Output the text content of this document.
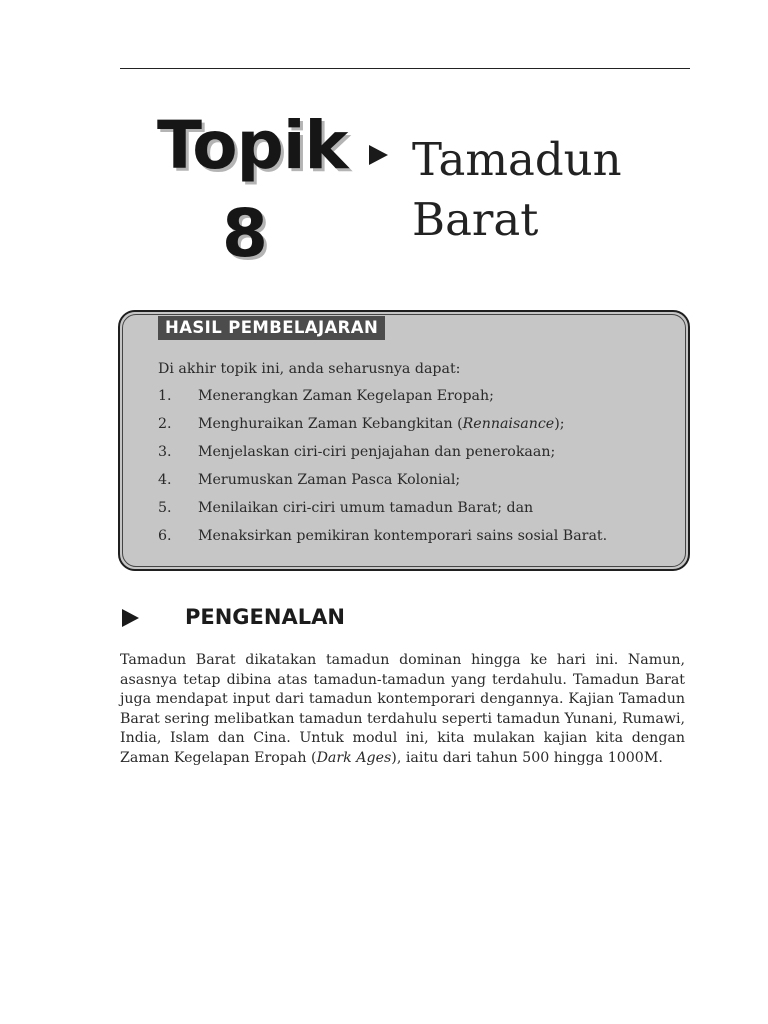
Topik
8
Tamadun
Barat
HASIL PEMBELAJARAN
Di akhir topik ini, anda seharusnya dapat:
1. Menerangkan Zaman Kegelapan Eropah;
2. Menghuraikan Zaman Kebangkitan (Rennaisance);
3. Menjelaskan ciri-ciri penjajahan dan penerokaan;
4. Merumuskan Zaman Pasca Kolonial;
5. Menilaikan ciri-ciri umum tamadun Barat; dan
6. Menaksirkan pemikiran kontemporari sains sosial Barat.
PENGENALAN

Tamadun Barat dikatakan tamadun dominan hingga ke hari ini. Namun, asasnya tetap dibina atas tamadun-tamadun yang terdahulu. Tamadun Barat juga mendapat input dari tamadun kontemporari dengannya. Kajian Tamadun Barat sering melibatkan tamadun terdahulu seperti tamadun Yunani, Rumawi, India, Islam dan Cina. Untuk modul ini, kita mulakan kajian kita dengan Zaman Kegelapan Eropah (Dark Ages), iaitu dari tahun 500 hingga 1000M.
